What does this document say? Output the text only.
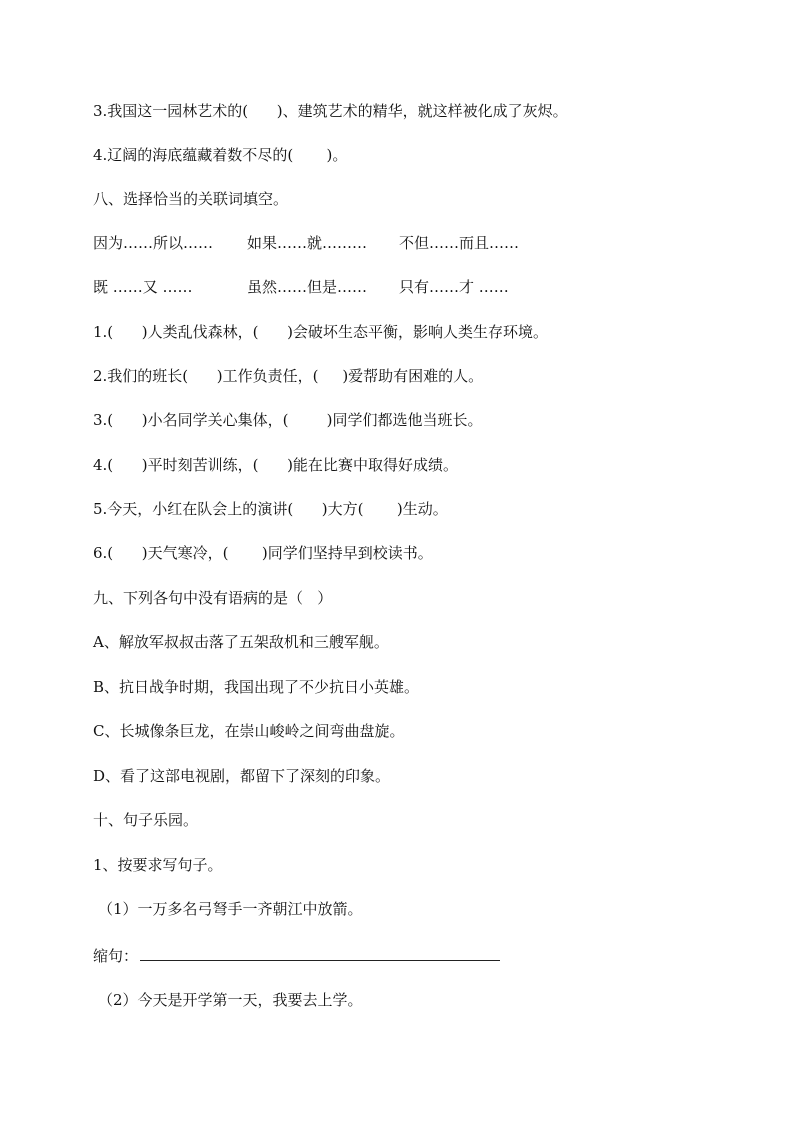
3.我国这一园林艺术的(      )、建筑艺术的精华，就这样被化成了灰烬。
4.辽阔的海底蕴藏着数不尽的(       )。
八、选择恰当的关联词填空。

因为……所以……

如果……就………

不但……而且……

既 ……又 ……

	虽然……但是……

只有……才 ……

1.(      )人类乱伐森林，(      )会破坏生态平衡，影响人类生存环境。
2.我们的班长(      )工作负责任，(     )爱帮助有困难的人。
3.(      )小名同学关心集体，(        )同学们都选他当班长。
4.(      )平时刻苦训练，(      )能在比赛中取得好成绩。
5.今天，小红在队会上的演讲(      )大方(       )生动。
6.(      )天气寒冷，(       )同学们坚持早到校读书。
九、下列各句中没有语病的是（   ）
A、解放军叔叔击落了五架敌机和三艘军舰。
B、抗日战争时期，我国出现了不少抗日小英雄。
C、长城像条巨龙，在崇山峻岭之间弯曲盘旋。
D、看了这部电视剧，都留下了深刻的印象。
十、句子乐园。
1、按要求写句子。
（1）一万多名弓弩手一齐朝江中放箭。
缩句：
（2）今天是开学第一天，我要去上学。
